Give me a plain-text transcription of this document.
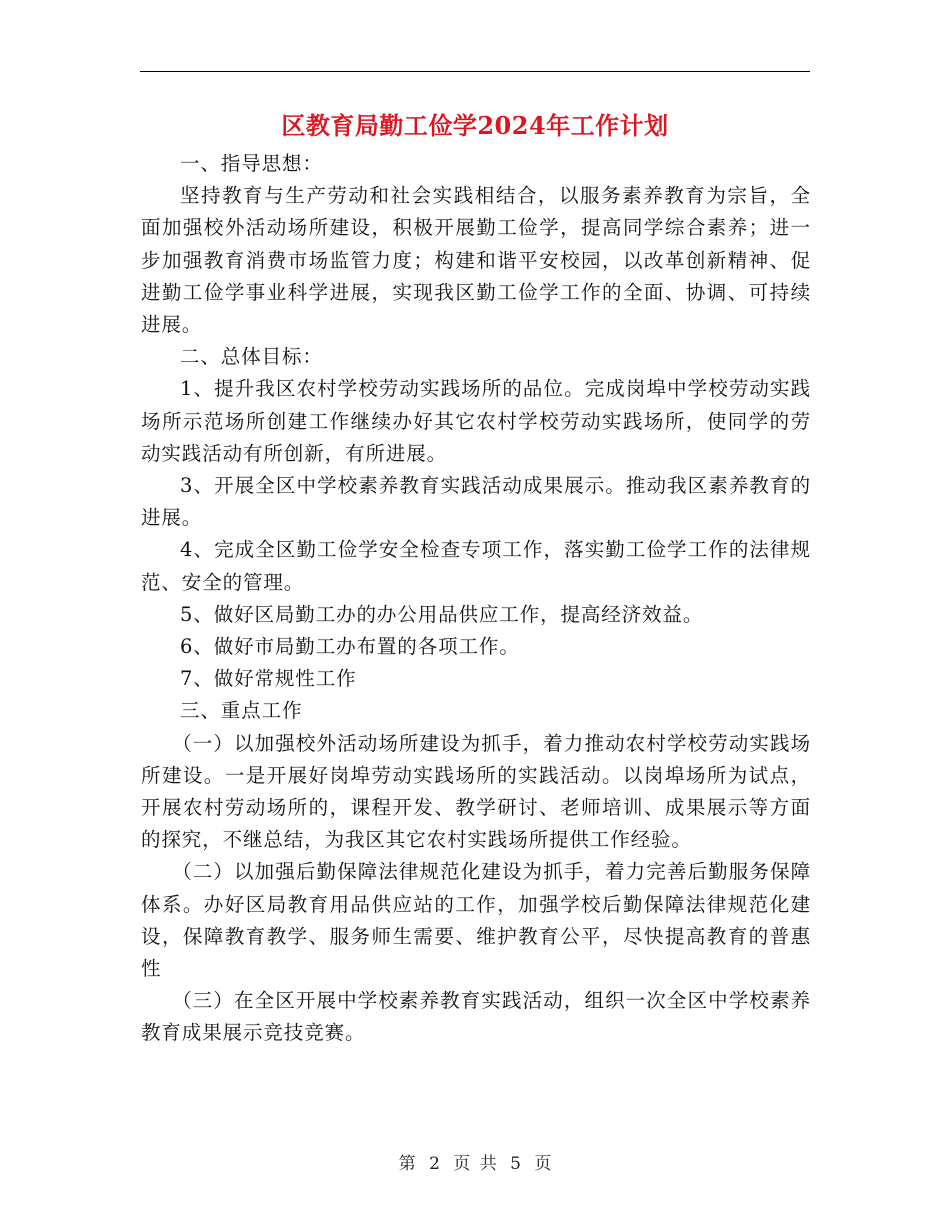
区教育局勤工俭学2024年工作计划

一、指导思想：

坚持教育与生产劳动和社会实践相结合，以服务素养教育为宗旨，全面加强校外活动场所建设，积极开展勤工俭学，提高同学综合素养；进一步加强教育消费市场监管力度；构建和谐平安校园，以改革创新精神、促进勤工俭学事业科学进展，实现我区勤工俭学工作的全面、协调、可持续进展。

二、总体目标：

1、提升我区农村学校劳动实践场所的品位。完成岗埠中学校劳动实践场所示范场所创建工作继续办好其它农村学校劳动实践场所，使同学的劳动实践活动有所创新，有所进展。

3、开展全区中学校素养教育实践活动成果展示。推动我区素养教育的进展。

4、完成全区勤工俭学安全检查专项工作，落实勤工俭学工作的法律规范、安全的管理。

5、做好区局勤工办的办公用品供应工作，提高经济效益。

6、做好市局勤工办布置的各项工作。

7、做好常规性工作

三、重点工作

（一）以加强校外活动场所建设为抓手，着力推动农村学校劳动实践场所建设。一是开展好岗埠劳动实践场所的实践活动。以岗埠场所为试点，开展农村劳动场所的，课程开发、教学研讨、老师培训、成果展示等方面的探究，不继总结，为我区其它农村实践场所提供工作经验。

（二）以加强后勤保障法律规范化建设为抓手，着力完善后勤服务保障体系。办好区局教育用品供应站的工作，加强学校后勤保障法律规范化建设，保障教育教学、服务师生需要、维护教育公平，尽快提高教育的普惠性

（三）在全区开展中学校素养教育实践活动，组织一次全区中学校素养教育成果展示竞技竞赛。

第 2 页 共 5 页
